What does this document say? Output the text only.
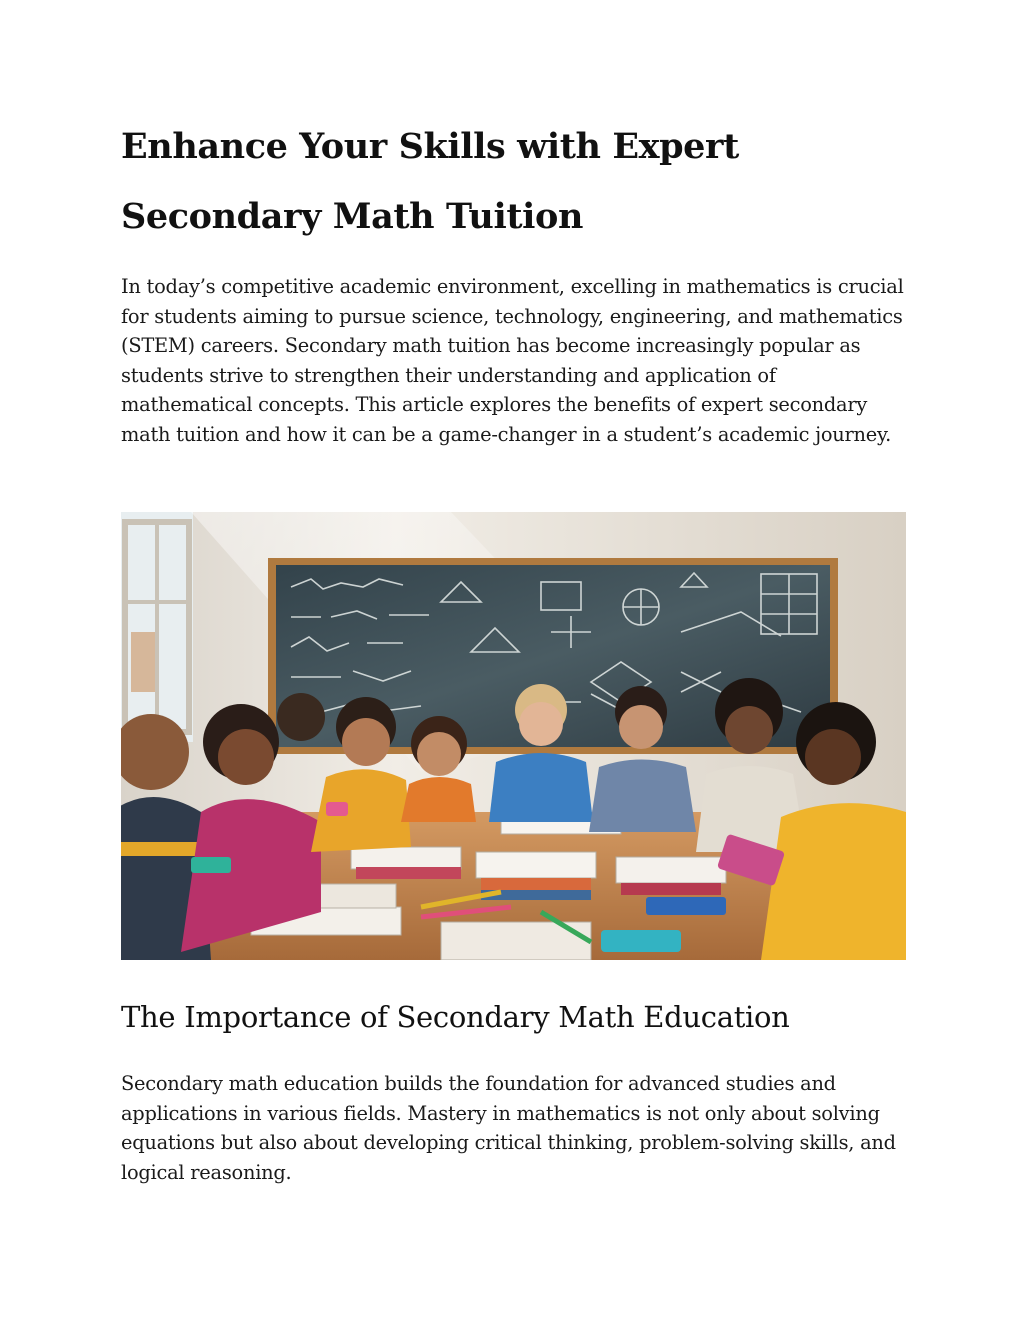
Enhance Your Skills with Expert Secondary Math Tuition

In today’s competitive academic environment, excelling in mathematics is crucial for students aiming to pursue science, technology, engineering, and mathematics (STEM) careers. Secondary math tuition has become increasingly popular as students strive to strengthen their understanding and application of mathematical concepts. This article explores the benefits of expert secondary math tuition and how it can be a game-changer in a student’s academic journey.

The Importance of Secondary Math Education

Secondary math education builds the foundation for advanced studies and applications in various fields. Mastery in mathematics is not only about solving equations but also about developing critical thinking, problem-solving skills, and logical reasoning.
